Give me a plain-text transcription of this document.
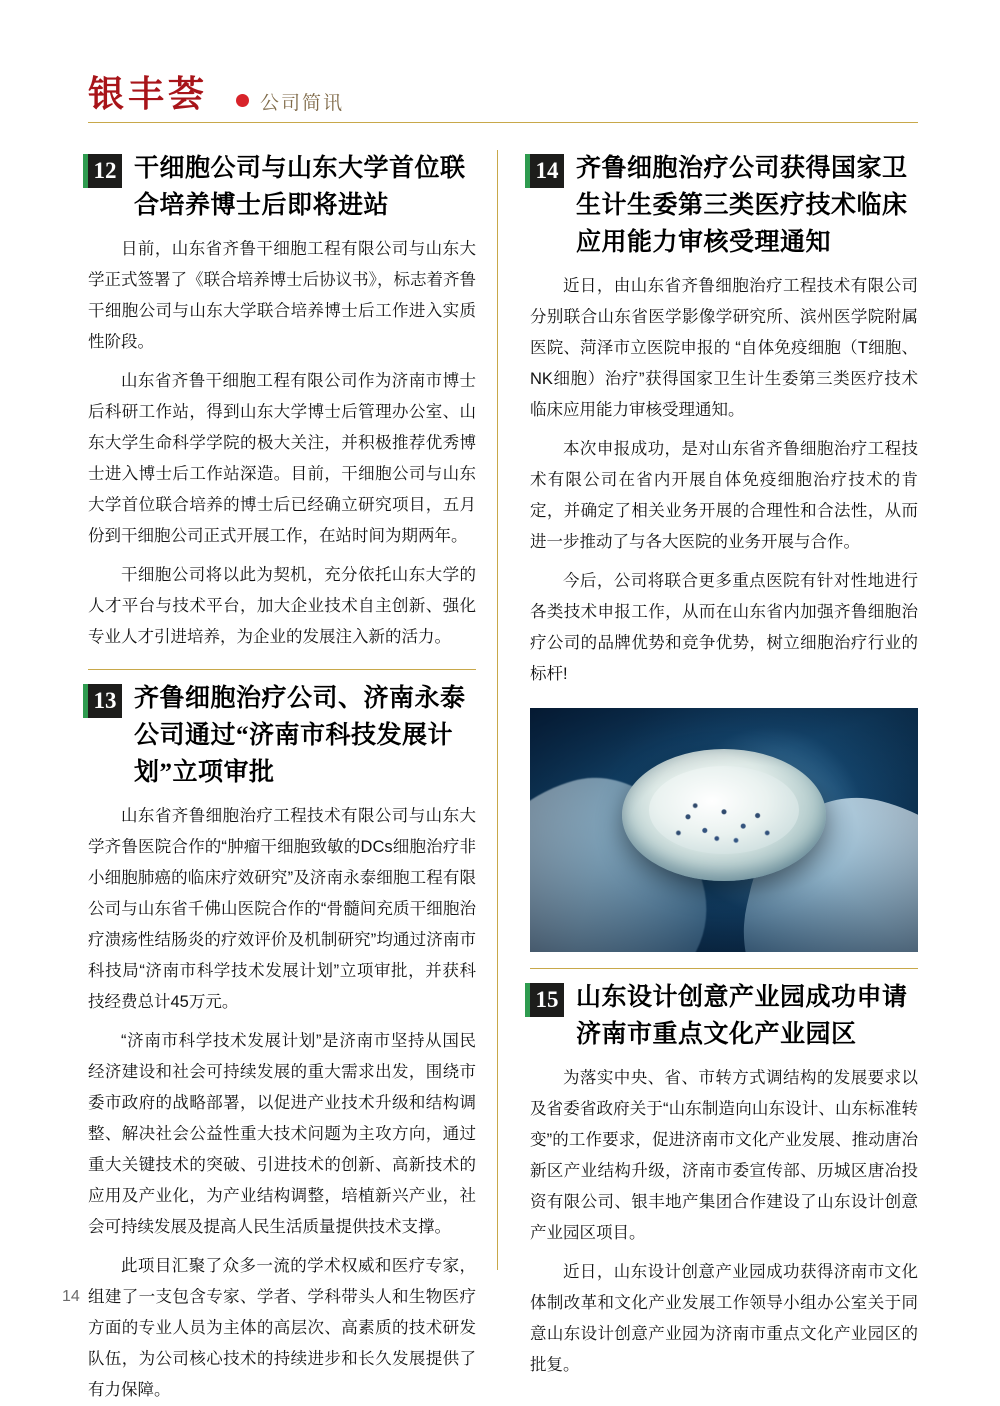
银丰荟	公司简讯
12 干细胞公司与山东大学首位联合培养博士后即将进站

日前，山东省齐鲁干细胞工程有限公司与山东大学正式签署了《联合培养博士后协议书》，标志着齐鲁干细胞公司与山东大学联合培养博士后工作进入实质性阶段。

山东省齐鲁干细胞工程有限公司作为济南市博士后科研工作站，得到山东大学博士后管理办公室、山东大学生命科学学院的极大关注，并积极推荐优秀博士进入博士后工作站深造。目前，干细胞公司与山东大学首位联合培养的博士后已经确立研究项目，五月份到干细胞公司正式开展工作，在站时间为期两年。

干细胞公司将以此为契机，充分依托山东大学的人才平台与技术平台，加大企业技术自主创新、强化专业人才引进培养，为企业的发展注入新的活力。

13 齐鲁细胞治疗公司、济南永泰公司通过“济南市科技发展计划”立项审批

山东省齐鲁细胞治疗工程技术有限公司与山东大学齐鲁医院合作的“肿瘤干细胞致敏的DCs细胞治疗非小细胞肺癌的临床疗效研究”及济南永泰细胞工程有限公司与山东省千佛山医院合作的“骨髓间充质干细胞治疗溃疡性结肠炎的疗效评价及机制研究”均通过济南市科技局“济南市科学技术发展计划”立项审批，并获科技经费总计45万元。

“济南市科学技术发展计划”是济南市坚持从国民经济建设和社会可持续发展的重大需求出发，围绕市委市政府的战略部署，以促进产业技术升级和结构调整、解决社会公益性重大技术问题为主攻方向，通过重大关键技术的突破、引进技术的创新、高新技术的应用及产业化，为产业结构调整，培植新兴产业，社会可持续发展及提高人民生活质量提供技术支撑。

此项目汇聚了众多一流的学术权威和医疗专家，组建了一支包含专家、学者、学科带头人和生物医疗方面的专业人员为主体的高层次、高素质的技术研发队伍，为公司核心技术的持续进步和长久发展提供了有力保障。

14 齐鲁细胞治疗公司获得国家卫生计生委第三类医疗技术临床应用能力审核受理通知

近日，由山东省齐鲁细胞治疗工程技术有限公司分别联合山东省医学影像学研究所、滨州医学院附属医院、菏泽市立医院申报的 “自体免疫细胞（T细胞、NK细胞）治疗”获得国家卫生计生委第三类医疗技术临床应用能力审核受理通知。

本次申报成功，是对山东省齐鲁细胞治疗工程技术有限公司在省内开展自体免疫细胞治疗技术的肯定，并确定了相关业务开展的合理性和合法性，从而进一步推动了与各大医院的业务开展与合作。

今后，公司将联合更多重点医院有针对性地进行各类技术申报工作，从而在山东省内加强齐鲁细胞治疗公司的品牌优势和竞争优势，树立细胞治疗行业的标杆!

15 山东设计创意产业园成功申请济南市重点文化产业园区

为落实中央、省、市转方式调结构的发展要求以及省委省政府关于“山东制造向山东设计、山东标准转变”的工作要求，促进济南市文化产业发展、推动唐冶新区产业结构升级，济南市委宣传部、历城区唐冶投资有限公司、银丰地产集团合作建设了山东设计创意产业园区项目。

近日，山东设计创意产业园成功获得济南市文化体制改革和文化产业发展工作领导小组办公室关于同意山东设计创意产业园为济南市重点文化产业园区的批复。

14
